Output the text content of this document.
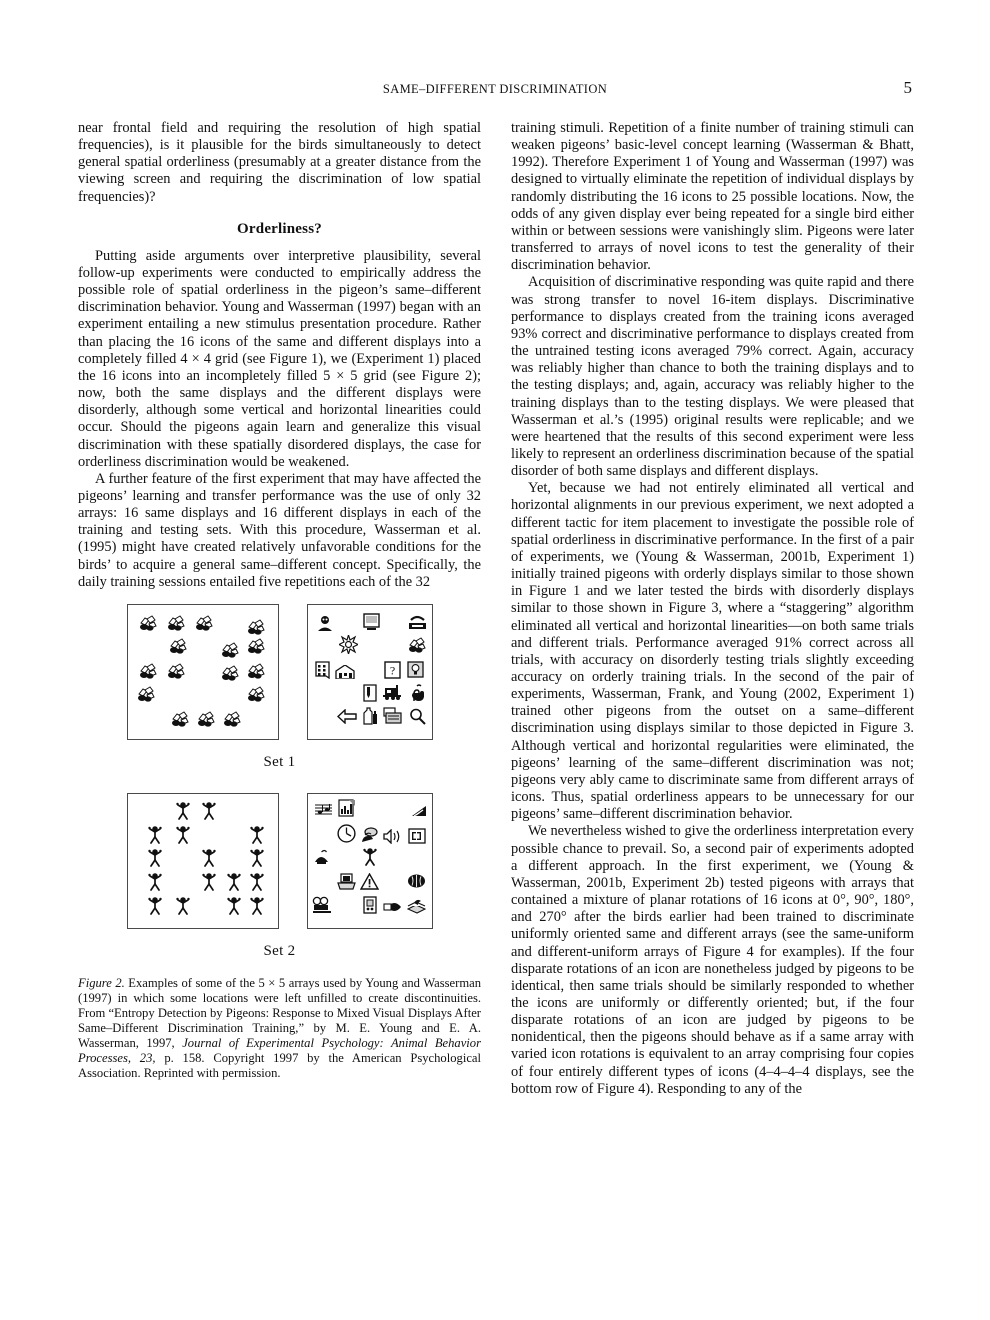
SAME–DIFFERENT DISCRIMINATION	5

near frontal field and requiring the resolution of high spatial frequencies), is it plausible for the birds simultaneously to detect general spatial orderliness (presumably at a greater distance from the viewing screen and requiring the discrimination of low spatial frequencies)?

Orderliness?

Putting aside arguments over interpretive plausibility, several follow-up experiments were conducted to empirically address the possible role of spatial orderliness in the pigeon’s same–different discrimination behavior. Young and Wasserman (1997) began with an experiment entailing a new stimulus presentation procedure. Rather than placing the 16 icons of the same and different displays into a completely filled 4 × 4 grid (see Figure 1), we (Experiment 1) placed the 16 icons into an incompletely filled 5 × 5 grid (see Figure 2); now, both the same displays and the different displays were disorderly, although some vertical and horizontal linearities could occur. Should the pigeons again learn and generalize this visual discrimination with these spatially disordered displays, the case for orderliness discrimination would be weakened.

A further feature of the first experiment that may have affected the pigeons’ learning and transfer performance was the use of only 32 arrays: 16 same displays and 16 different displays in each of the training and testing sets. With this procedure, Wasserman et al. (1995) might have created relatively unfavorable conditions for the birds’ to acquire a general same–different concept. Specifically, the daily training sessions entailed five repetitions each of the 32

?
Set 1
Set 2
Figure 2. Examples of some of the 5 × 5 arrays used by Young and Wasserman (1997) in which some locations were left unfilled to create discontinuities. From “Entropy Detection by Pigeons: Response to Mixed Visual Displays After Same–Different Discrimination Training,” by M. E. Young and E. A. Wasserman, 1997, Journal of Experimental Psychology: Animal Behavior Processes, 23, p. 158. Copyright 1997 by the American Psychological Association. Reprinted with permission.

training stimuli. Repetition of a finite number of training stimuli can weaken pigeons’ basic-level concept learning (Wasserman & Bhatt, 1992). Therefore Experiment 1 of Young and Wasserman (1997) was designed to virtually eliminate the repetition of individual displays by randomly distributing the 16 icons to 25 possible locations. Now, the odds of any given display ever being repeated for a single bird either within or between sessions were vanishingly slim. Pigeons were later transferred to arrays of novel icons to test the generality of their discrimination behavior.

Acquisition of discriminative responding was quite rapid and there was strong transfer to novel 16-item displays. Discriminative performance to displays created from the training icons averaged 93% correct and discriminative performance to displays created from the untrained testing icons averaged 79% correct. Again, accuracy was reliably higher than chance to both the training displays and to the testing displays; and, again, accuracy was reliably higher to the training displays than to the testing displays. We were pleased that Wasserman et al.’s (1995) original results were replicable; and we were heartened that the results of this second experiment were less likely to represent an orderliness discrimination because of the spatial disorder of both same displays and different displays.

Yet, because we had not entirely eliminated all vertical and horizontal alignments in our previous experiment, we next adopted a different tactic for item placement to investigate the possible role of spatial orderliness in discriminative performance. In the first of a pair of experiments, we (Young & Wasserman, 2001b, Experiment 1) initially trained pigeons with orderly displays similar to those shown in Figure 1 and we later tested the birds with disorderly displays similar to those shown in Figure 3, where a “staggering” algorithm eliminated all vertical and horizontal linearities—on both same trials and different trials. Performance averaged 91% correct across all trials, with accuracy on disorderly testing trials slightly exceeding accuracy on orderly training trials. In the second of the pair of experiments, Wasserman, Frank, and Young (2002, Experiment 1) trained other pigeons from the outset on a same–different discrimination using displays similar to those depicted in Figure 3. Although vertical and horizontal regularities were eliminated, the pigeons’ learning of the same–different discrimination was not; pigeons very ably came to discriminate same from different arrays of icons. Thus, spatial orderliness appears to be unnecessary for our pigeons’ same–different discrimination behavior.

We nevertheless wished to give the orderliness interpretation every possible chance to prevail. So, a second pair of experiments adopted a different approach. In the first experiment, we (Young & Wasserman, 2001b, Experiment 2b) tested pigeons with arrays that contained a mixture of planar rotations of 16 icons at 0°, 90°, 180°, and 270° after the birds earlier had been trained to discriminate uniformly oriented same and different arrays (see the same-uniform and different-uniform arrays of Figure 4 for examples). If the four disparate rotations of an icon are nonetheless judged by pigeons to be identical, then same trials should be similarly responded to whether the icons are uniformly or differently oriented; but, if the four disparate rotations of an icon are judged by pigeons to be nonidentical, then the pigeons should behave as if a same array with varied icon rotations is equivalent to an array comprising four copies of four entirely different types of icons (4–4–4–4 displays, see the bottom row of Figure 4). Responding to any of the
